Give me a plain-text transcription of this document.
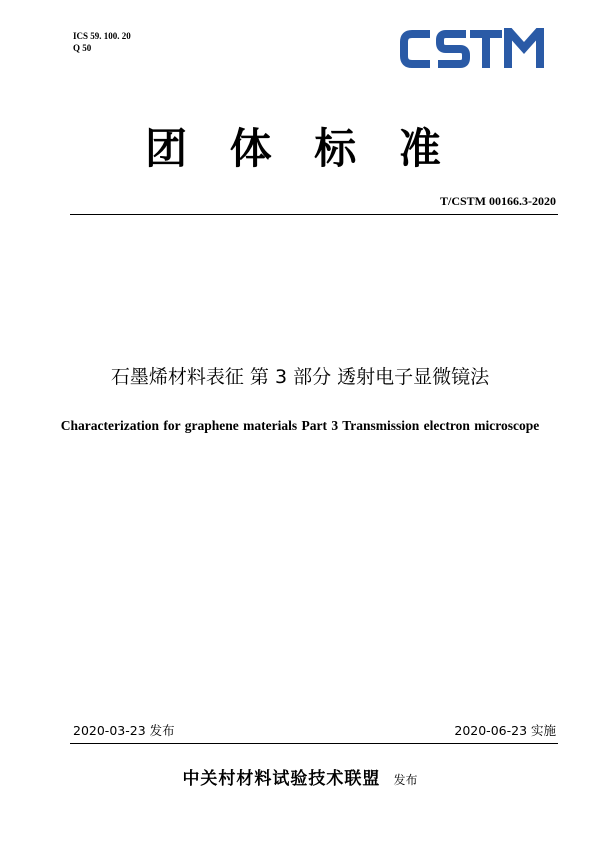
ICS 59. 100. 20
Q 50
CSTM
团 体 标 准
T/CSTM 00166.3-2020
石墨烯材料表征 第 3 部分 透射电子显微镜法
Characterization for graphene materials Part 3 Transmission electron microscope
2020-03-23 发布	2020-06-23 实施
中关村材料试验技术联盟 发布
